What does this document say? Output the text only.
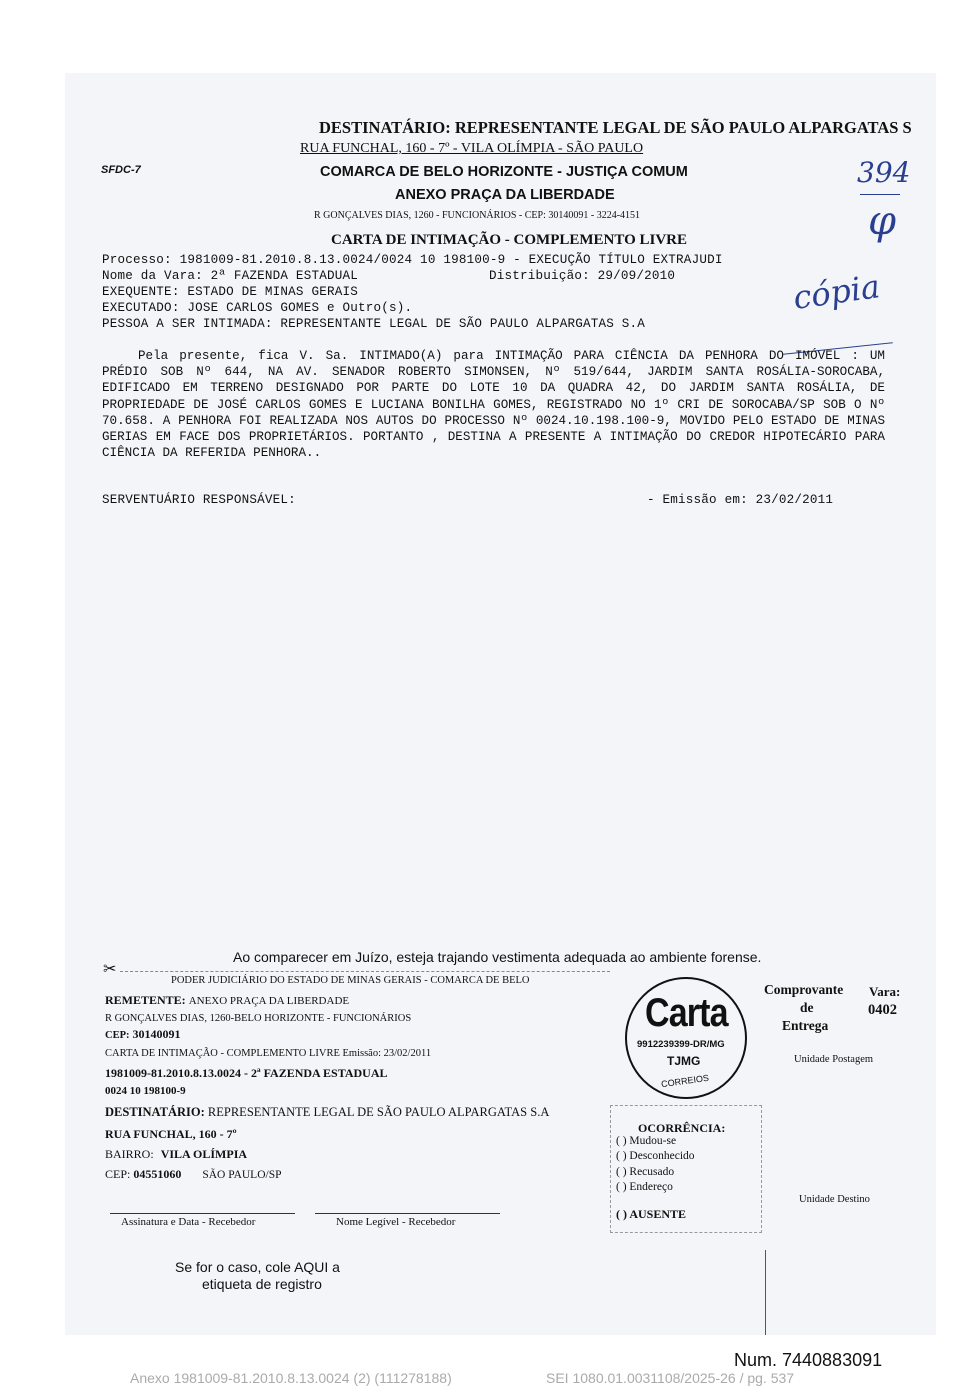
DESTINATÁRIO: REPRESENTANTE LEGAL DE SÃO PAULO ALPARGATAS S
RUA FUNCHAL, 160 - 7º - VILA OLÍMPIA - SÃO PAULO
SFDC-7	COMARCA DE BELO HORIZONTE - JUSTIÇA COMUM
ANEXO PRAÇA DA LIBERDADE
R GONÇALVES DIAS, 1260 - FUNCIONÁRIOS - CEP: 30140091 - 3224-4151
CARTA DE INTIMAÇÃO - COMPLEMENTO LIVRE
394
φ
cópia
Processo: 1981009-81.2010.8.13.0024/0024 10 198100-9 - EXECUÇÃO TÍTULO EXTRAJUDI
Nome da Vara: 2ª FAZENDA ESTADUAL	Distribuição: 29/09/2010
EXEQUENTE: ESTADO DE MINAS GERAIS
EXECUTADO: JOSE CARLOS GOMES e Outro(s).
PESSOA A SER INTIMADA: REPRESENTANTE LEGAL DE SÃO PAULO ALPARGATAS S.A
Pela presente, fica V. Sa. INTIMADO(A) para INTIMAÇÃO PARA CIÊNCIA DA PENHORA DO IMÓVEL : UM PRÉDIO SOB Nº 644, NA AV. SENADOR ROBERTO SIMONSEN, Nº 519/644, JARDIM SANTA ROSÁLIA-SOROCABA, EDIFICADO EM TERRENO DESIGNADO POR PARTE DO LOTE 10 DA QUADRA 42, DO JARDIM SANTA ROSÁLIA, DE PROPRIEDADE DE JOSÉ CARLOS GOMES E LUCIANA BONILHA GOMES, REGISTRADO NO 1º CRI DE SOROCABA/SP SOB O Nº 70.658. A PENHORA FOI REALIZADA NOS AUTOS DO PROCESSO Nº 0024.10.198.100-9, MOVIDO PELO ESTADO DE MINAS GERIAS EM FACE DOS PROPRIETÁRIOS. PORTANTO , DESTINA A PRESENTE A INTIMAÇÃO DO CREDOR HIPOTECÁRIO PARA CIÊNCIA DA REFERIDA PENHORA..
SERVENTUÁRIO RESPONSÁVEL:	- Emissão em: 23/02/2011
Ao comparecer em Juízo, esteja trajando vestimenta adequada ao ambiente forense.
✂
PODER JUDICIÁRIO DO ESTADO DE MINAS GERAIS - COMARCA DE BELO
REMETENTE: ANEXO PRAÇA DA LIBERDADE
R GONÇALVES DIAS, 1260-BELO HORIZONTE - FUNCIONÁRIOS
CEP: 30140091
CARTA DE INTIMAÇÃO - COMPLEMENTO LIVRE Emissão: 23/02/2011
1981009-81.2010.8.13.0024 - 2ª FAZENDA ESTADUAL
0024 10 198100-9
DESTINATÁRIO: REPRESENTANTE LEGAL DE SÃO PAULO ALPARGATAS S.A
RUA FUNCHAL, 160 - 7º
BAIRRO: VILA OLÍMPIA
CEP: 04551060 SÃO PAULO/SP
Assinatura e Data - Recebedor	Nome Legível - Recebedor
Se for o caso, cole AQUI a
etiqueta de registro
Carta
9912239399-DR/MG
TJMG
CORREIOS
Comprovante
de
Entrega
Vara:
0402
Unidade Postagem
Unidade Destino
OCORRÊNCIA:
( ) Mudou-se
( ) Desconhecido
( ) Recusado
( ) Endereço
( ) AUSENTE
Num. 7440883091
Anexo 1981009-81.2010.8.13.0024 (2) (111278188)	SEI 1080.01.0031108/2025-26 / pg. 537
